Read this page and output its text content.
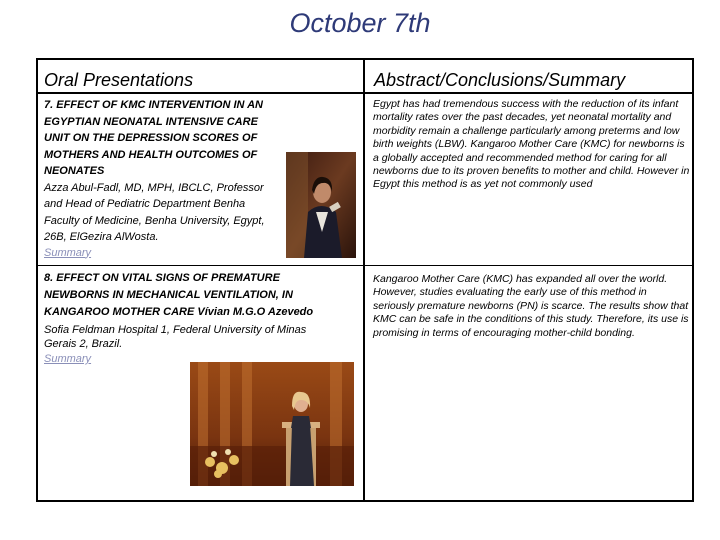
October 7th
Oral Presentations	Abstract/Conclusions/Summary
7. EFFECT OF KMC INTERVENTION IN AN EGYPTIAN NEONATAL INTENSIVE CARE UNIT ON THE DEPRESSION SCORES OF MOTHERS AND HEALTH OUTCOMES OF NEONATES
Azza Abul-Fadl, MD, MPH, IBCLC, Professor and Head of Pediatric Department Benha Faculty of Medicine, Benha University, Egypt, 26B, ElGezira AlWosta.
Summary
Egypt has had tremendous success with the reduction of its infant mortality rates over the past decades, yet neonatal mortality and morbidity remain a challenge particularly among preterms and low birth weights (LBW). Kangaroo Mother Care (KMC) for newborns is a globally accepted and recommended method for caring for all newborns due to its proven benefits to mother and child. However in Egypt this method is as yet not commonly used
8. EFFECT ON VITAL SIGNS OF PREMATURE NEWBORNS IN MECHANICAL VENTILATION, IN KANGAROO MOTHER CARE Vívian M.G.O Azevedo
Sofia Feldman Hospital 1, Federal University of Minas Gerais 2, Brazil.
Summary
Kangaroo Mother Care (KMC) has expanded all over the world. However, studies evaluating the early use of this method in seriously premature newborns (PN) is scarce. The results show that KMC can be safe in the conditions of this study. Therefore, its use is promising in terms of encouraging mother-child bonding.
